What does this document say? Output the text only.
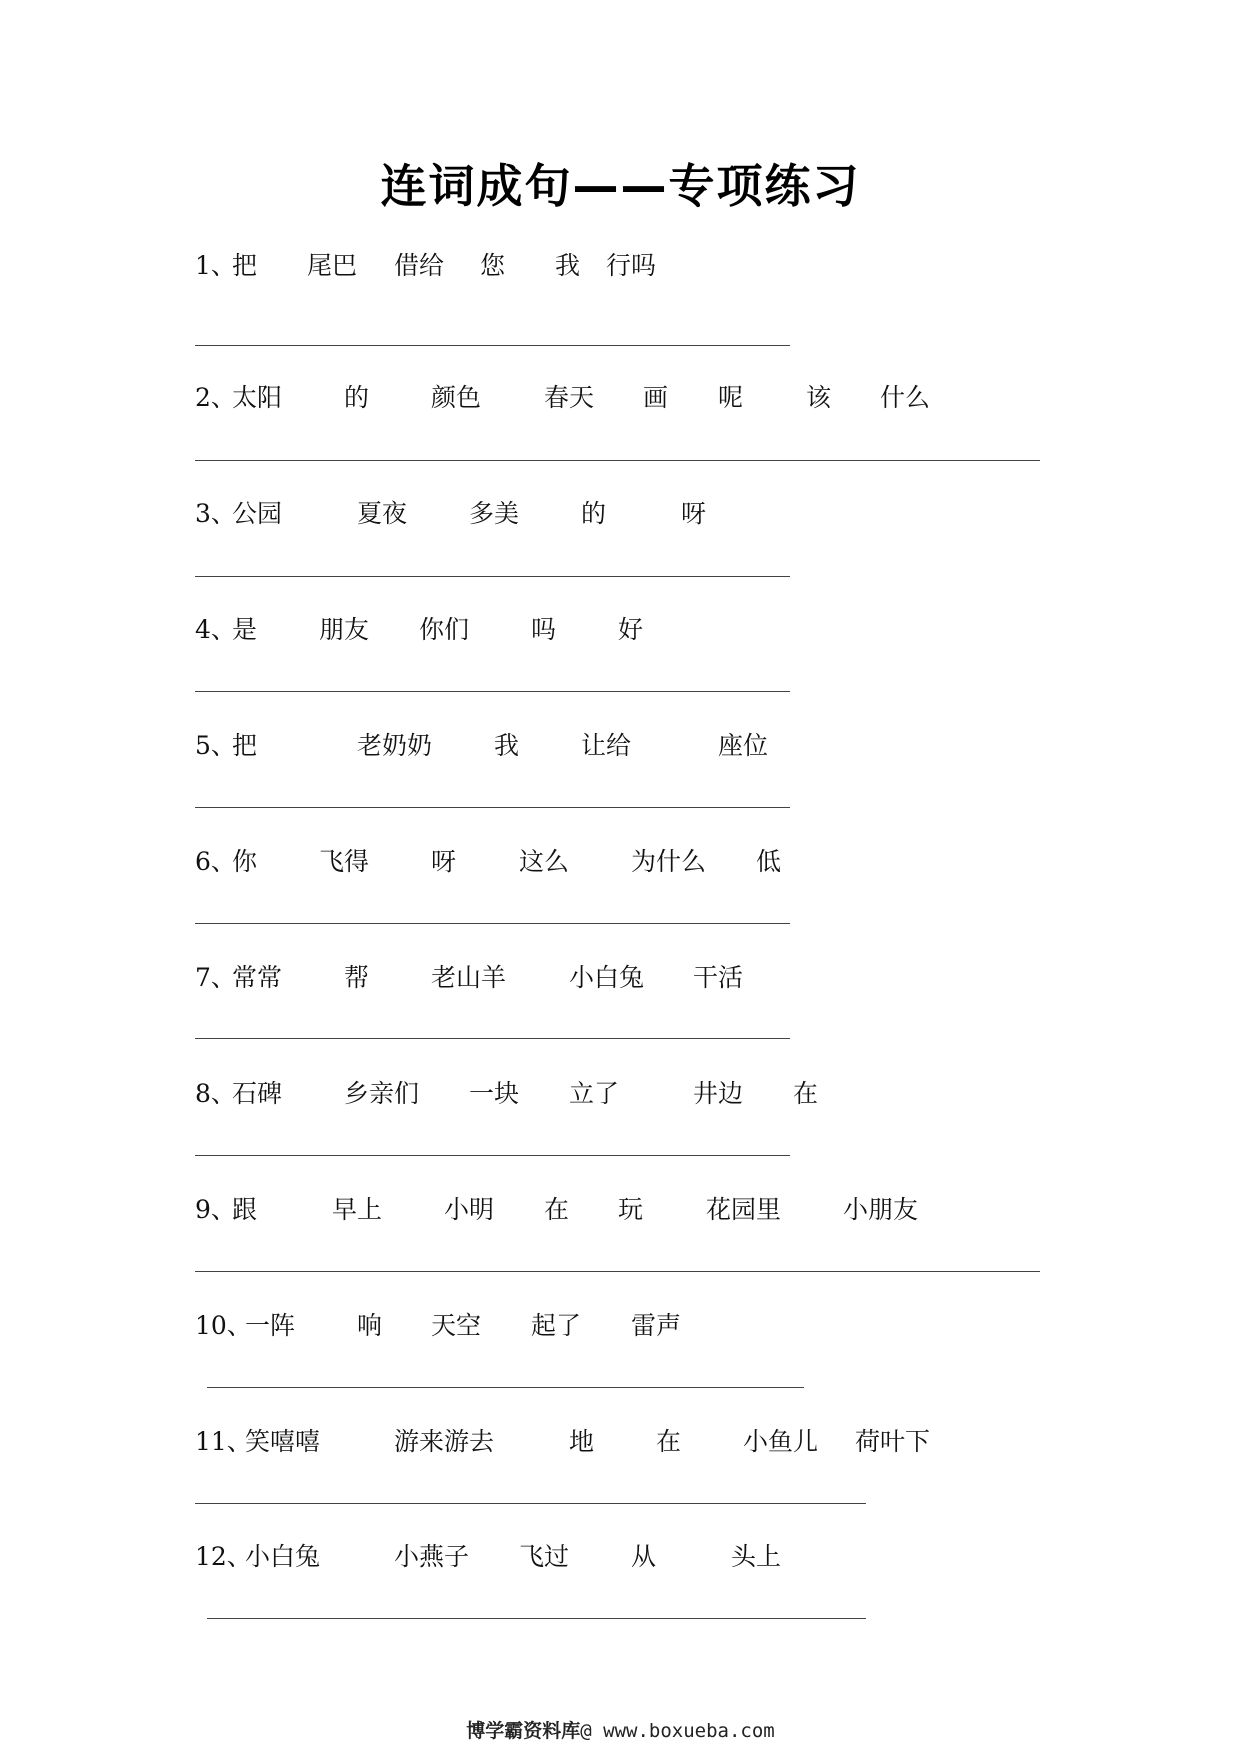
连词成句——专项练习
1、
把 尾巴 借给 您 我 行吗
2、
太阳 的 颜色	春天 画 呢	该 什么
3、
公园	夏夜 多美 的	呀
4、
是 朋友 你们 吗 好
5、
把	老奶奶 我 让给	座位
6、
你 飞得 呀	这么 为什么 低
7、
常常 帮 老山羊	小白兔 干活
8、
石碑 乡亲们 一块 立了	井边 在
9、
跟	早上 小明 在 玩	花园里 小朋友
10、
一阵 响 天空 起了 雷声
11、
笑嘻嘻	游来游去	地 在 小鱼儿 荷叶下
12、
小白兔	小燕子 飞过 从	头上
博学霸资料库@ www.boxueba.com
